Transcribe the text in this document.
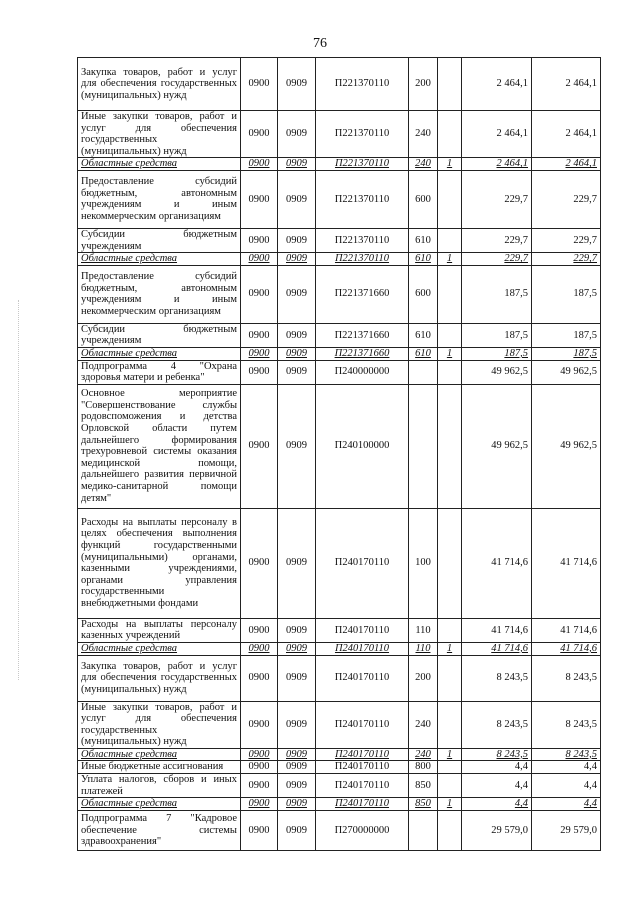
76
Закупка товаров, работ и услуг для обеспечения государственных (муниципальных) нужд	0900	0909	П221370110	200		2 464,1	2 464,1
Иные закупки товаров, работ и услуг для обеспечения государственных (муниципальных) нужд	0900	0909	П221370110	240		2 464,1	2 464,1
Областные средства	0900	0909	П221370110	240	1	2 464,1	2 464,1
Предоставление субсидий бюджетным, автономным учреждениям и иным некоммерческим организациям	0900	0909	П221370110	600		229,7	229,7
Субсидии бюджетным учреждениям	0900	0909	П221370110	610		229,7	229,7
Областные средства	0900	0909	П221370110	610	1	229,7	229,7
Предоставление субсидий бюджетным, автономным учреждениям и иным некоммерческим организациям	0900	0909	П221371660	600		187,5	187,5
Субсидии бюджетным учреждениям	0900	0909	П221371660	610		187,5	187,5
Областные средства	0900	0909	П221371660	610	1	187,5	187,5
Подпрограмма 4 "Охрана здоровья матери и ребенка"	0900	0909	П240000000			49 962,5	49 962,5
Основное мероприятие "Совершенствование службы родовспоможения и детства Орловской области путем дальнейшего формирования трехуровневой системы оказания медицинской помощи, дальнейшего развития первичной медико-санитарной помощи детям"	0900	0909	П240100000			49 962,5	49 962,5
Расходы на выплаты персоналу в целях обеспечения выполнения функций государственными (муниципальными) органами, казенными учреждениями, органами управления государственными внебюджетными фондами	0900	0909	П240170110	100		41 714,6	41 714,6
Расходы на выплаты персоналу казенных учреждений	0900	0909	П240170110	110		41 714,6	41 714,6
Областные средства	0900	0909	П240170110	110	1	41 714,6	41 714,6
Закупка товаров, работ и услуг для обеспечения государственных (муниципальных) нужд	0900	0909	П240170110	200		8 243,5	8 243,5
Иные закупки товаров, работ и услуг для обеспечения государственных (муниципальных) нужд	0900	0909	П240170110	240		8 243,5	8 243,5
Областные средства	0900	0909	П240170110	240	1	8 243,5	8 243,5
Иные бюджетные ассигнования	0900	0909	П240170110	800		4,4	4,4
Уплата налогов, сборов и иных платежей	0900	0909	П240170110	850		4,4	4,4
Областные средства	0900	0909	П240170110	850	1	4,4	4,4
Подпрограмма 7 "Кадровое обеспечение системы здравоохранения"	0900	0909	П270000000			29 579,0	29 579,0
